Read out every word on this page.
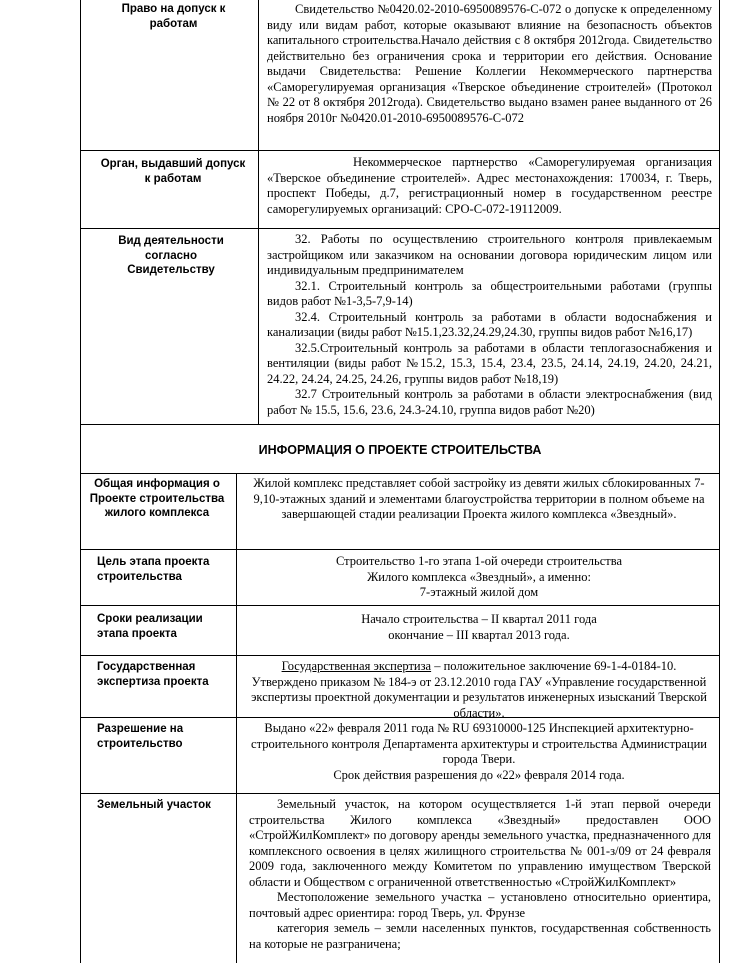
Право на допуск к работам

Свидетельство №0420.02-2010-6950089576-С-072 о допуске к определенному виду или видам работ, которые оказывают влияние на безопасность объектов капитального строительства.Начало действия с 8 октября 2012года. Свидетельство действительно без ограничения срока и территории его действия. Основание выдачи Свидетельства: Решение Коллегии Некоммерческого партнерства «Саморегулируемая организация «Тверское объединение строителей» (Протокол № 22 от 8 октября 2012года). Свидетельство выдано взамен ранее выданного от 26 ноября 2010г №0420.01-2010-6950089576-С-072

Орган, выдавший допуск к работам

Некоммерческое партнерство «Саморегулируемая организация «Тверское объединение строителей». Адрес местонахождения: 170034, г. Тверь, проспект Победы, д.7, регистрационный номер в государственном реестре саморегулируемых организаций: СРО-С-072-19112009.

Вид деятельности согласно Свидетельству

32. Работы по осуществлению строительного контроля привлекаемым застройщиком или заказчиком на основании договора юридическим лицом или индивидуальным предпринимателем

32.1. Строительный контроль за общестроительными работами (группы видов работ №1-3,5-7,9-14)

32.4. Строительный контроль за работами в области водоснабжения и канализации (виды работ №15.1,23.32,24.29,24.30, группы видов работ №16,17)

32.5.Строительный контроль за работами в области теплогазоснабжения и вентиляции (виды работ №15.2, 15.3, 15.4, 23.4, 23.5, 24.14, 24.19, 24.20, 24.21, 24.22, 24.24, 24.25, 24.26, группы видов работ №18,19)

32.7 Строительный контроль за работами в области электроснабжения (вид работ № 15.5, 15.6, 23.6, 24.3-24.10, группа видов работ №20)

ИНФОРМАЦИЯ О ПРОЕКТЕ СТРОИТЕЛЬСТВА
Общая информация о Проекте строительства жилого комплекса
Жилой комплекс представляет собой застройку из девяти жилых сблокированных 7-9,10-этажных зданий и элементами благоустройства территории в полном объеме на завершающей стадии реализации Проекта жилого комплекса «Звездный».
Цель этапа проекта строительства

Строительство 1-го этапа 1-ой очереди строительства

Жилого комплекса «Звездный», а именно:

7-этажный жилой дом

Сроки реализации этапа проекта

Начало строительства – II квартал 2011 года

окончание – III квартал 2013 года.

Государственная экспертиза проекта

Государственная экспертиза – положительное заключение 69-1-4-0184-10.

Утверждено приказом № 184-э от 23.12.2010 года ГАУ «Управление государственной экспертизы проектной документации и результатов инженерных изысканий Тверской области».

Разрешение на строительство

Выдано «22» февраля 2011 года № RU 69310000-125 Инспекцией архитектурно-строительного контроля Департамента архитектуры и строительства Администрации города Твери.

Срок действия разрешения до «22» февраля 2014 года.

Земельный участок	Земельный участок, на котором осуществляется 1-й этап первой очереди строительства Жилого комплекса «Звездный» предоставлен ООО «СтройЖилКомплект» по договору аренды земельного участка, предназначенного для комплексного освоения в целях жилищного строительства № 001-з/09 от 24 февраля 2009 года, заключенного между Комитетом по управлению имуществом Тверской области и Обществом с ограниченной ответственностью «СтройЖилКомплект»

Местоположение земельного участка – установлено относительно ориентира, почтовый адрес ориентира: город Тверь, ул. Фрунзе

категория земель – земли населенных пунктов, государственная собственность на которые не разграничена;
